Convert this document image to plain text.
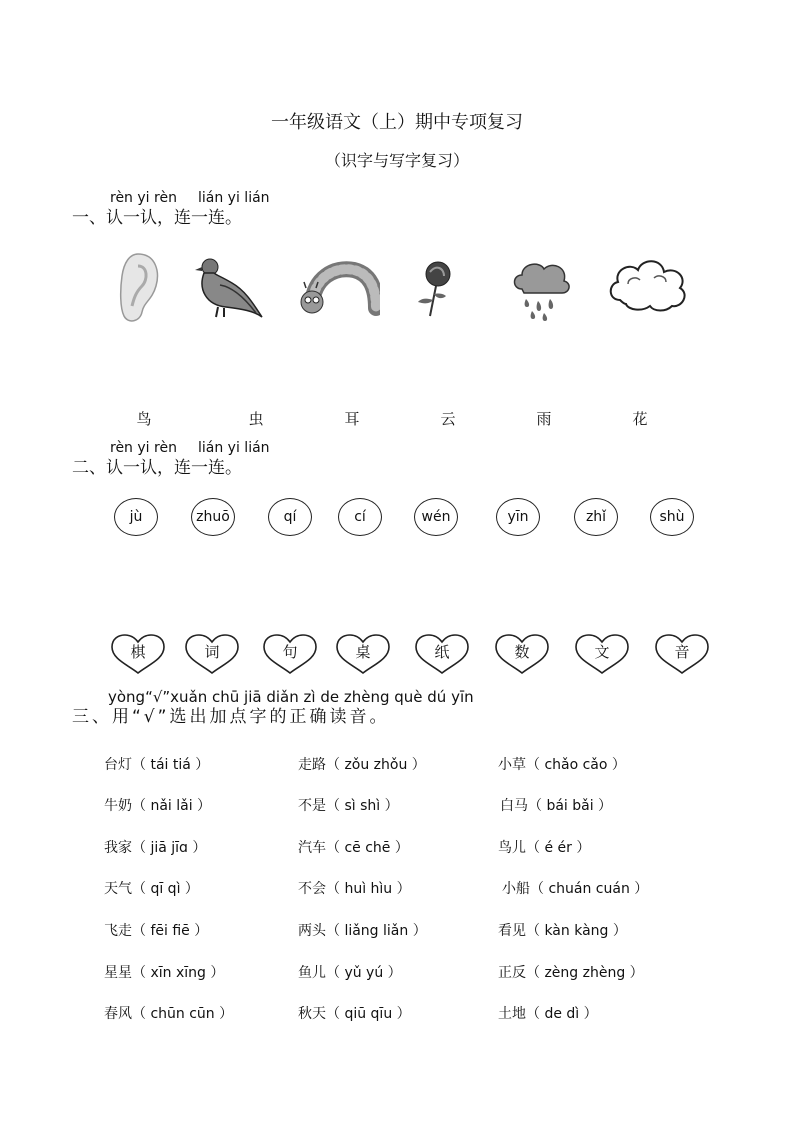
一年级语文（上）期中专项复习
（识字与写字复习）
rèn yi rèn lián yi lián
一、认一认，连一连。
鸟	虫	耳	云	雨	花
rèn yi rèn lián yi lián
二、认一认，连一连。
jù	zhuō	qí	cí	wén	yīn	zhǐ	shù
棋	词	句	桌	纸	数	文	音
yòng“√”xuǎn chū jiā diǎn zì de zhèng què dú yīn
三、用“√”选出加点字的正确读音。
台灯（ tái tiá ）	走路（ zǒu zhǒu ）	小草（ chǎo cǎo ）
牛奶（ nǎi lǎi ）	不是（ sì shì ）	白马（ bái bǎi ）
我家（ jiā jīɑ ）	汽车（ cē chē ）	鸟儿（ é ér ）
天气（ qī qì ）	不会（ huì hìu ）	小船（ chuán cuán ）
飞走（ fēi fiē ）	两头（ liǎng liǎn ）	看见（ kàn kàng ）
星星（ xīn xīng ）	鱼儿（ yǔ yú ）	正反（ zèng zhèng ）
春风（ chūn cūn ）	秋天（ qiū qīu ）	土地（ de dì ）
